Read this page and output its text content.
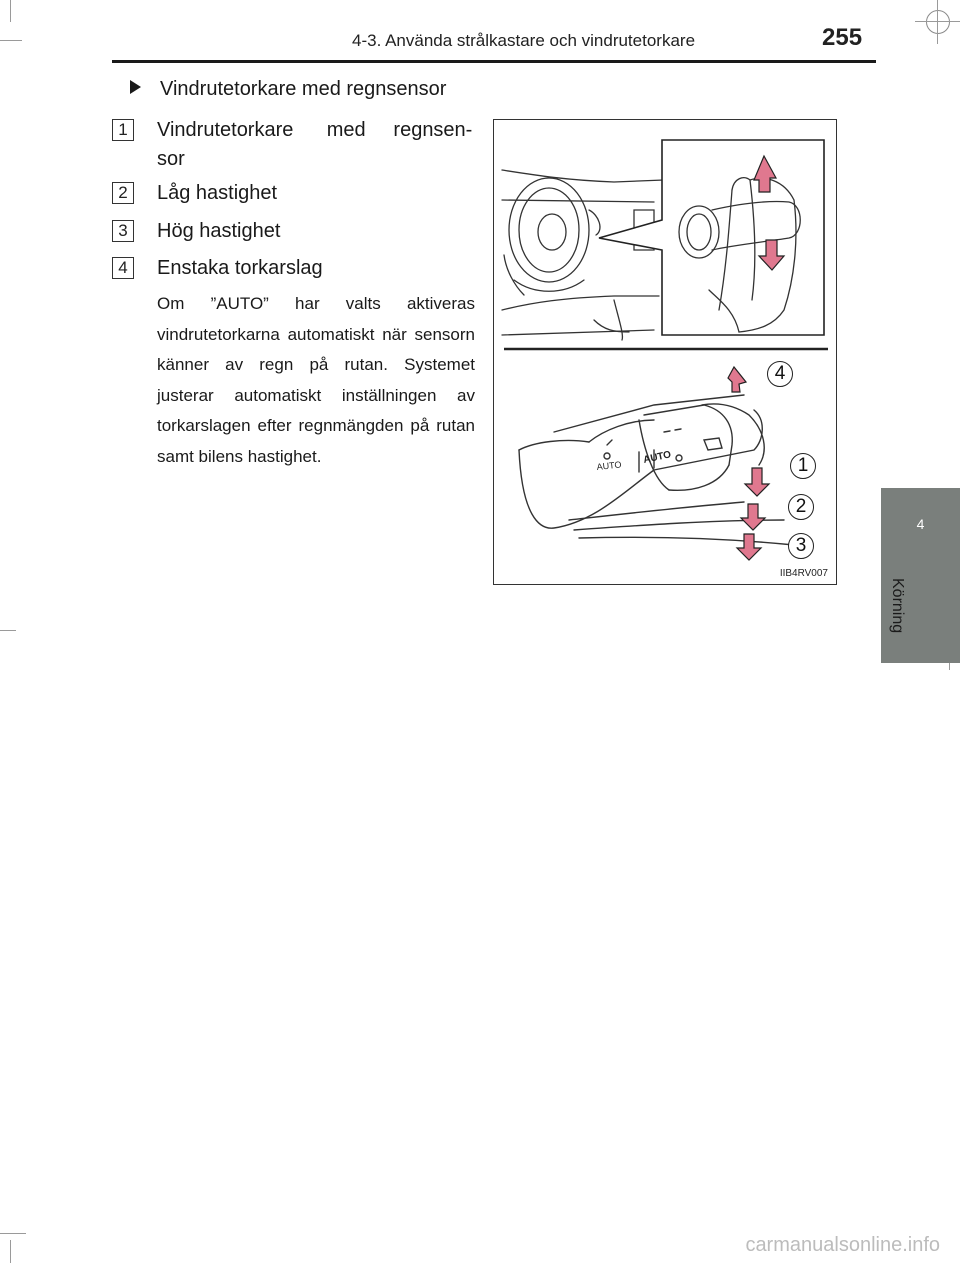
4-3. Använda strålkastare och vindrutetorkare	255
4
Körning
Vindrutetorkare med regnsensor
1	Vindrutetorkare      med     regnsen-
sor
2	Låg hastighet
3	Hög hastighet
4	Enstaka torkarslag
Om ”AUTO” har valts aktiveras vindrutetorkarna automatiskt när sensorn känner av regn på rutan. Systemet justerar automatiskt inställningen av torkarslagen efter regnmängden på rutan samt bilens hastighet.
AUTO AUTO
4
1
2
3
IIB4RV007
carmanualsonline.info
